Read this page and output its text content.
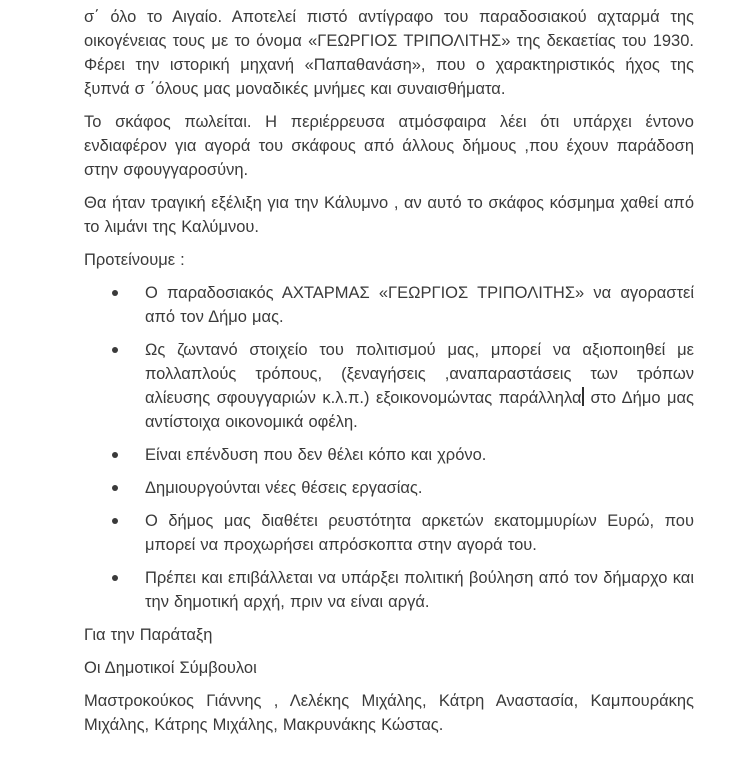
σ΄ όλο το Αιγαίο. Αποτελεί πιστό αντίγραφο του παραδοσιακού αχταρμά της οικογένειας τους με το όνομα «ΓΕΩΡΓΙΟΣ ΤΡΙΠΟΛΙΤΗΣ» της δεκαετίας του 1930. Φέρει την ιστορική μηχανή «Παπαθανάση», που ο χαρακτηριστικός ήχος της ξυπνά σ ΄όλους μας μοναδικές μνήμες και συναισθήματα.

Το σκάφος πωλείται. Η περιέρρευσα ατμόσφαιρα λέει ότι υπάρχει έντονο ενδιαφέρον για αγορά του σκάφους από άλλους δήμους ,που έχουν παράδοση στην σφουγγαροσύνη.

Θα ήταν τραγική εξέλιξη για την Κάλυμνο , αν αυτό το σκάφος κόσμημα χαθεί από το λιμάνι της Καλύμνου.

Προτείνουμε :

Ο παραδοσιακός ΑΧΤΑΡΜΑΣ «ΓΕΩΡΓΙΟΣ ΤΡΙΠΟΛΙΤΗΣ» να αγοραστεί από τον Δήμο μας.
Ως ζωντανό στοιχείο του πολιτισμού μας, μπορεί να αξιοποιηθεί με πολλαπλούς τρόπους, (ξεναγήσεις ,αναπαραστάσεις των τρόπων αλίευσης σφουγγαριών κ.λ.π.) εξοικονομώντας παράλληλα στο Δήμο μας αντίστοιχα οικονομικά οφέλη.
Είναι επένδυση που δεν θέλει κόπο και χρόνο.
Δημιουργούνται νέες θέσεις εργασίας.
Ο δήμος μας διαθέτει ρευστότητα αρκετών εκατομμυρίων Ευρώ, που μπορεί να προχωρήσει απρόσκοπτα στην αγορά του.
Πρέπει και επιβάλλεται να υπάρξει πολιτική βούληση από τον δήμαρχο και την δημοτική αρχή, πριν να είναι αργά.

Για την Παράταξη

Οι Δημοτικοί Σύμβουλοι

Μαστροκούκος Γιάννης , Λελέκης Μιχάλης, Κάτρη Αναστασία, Καμπουράκης Μιχάλης, Κάτρης Μιχάλης, Μακρυνάκης Κώστας.
